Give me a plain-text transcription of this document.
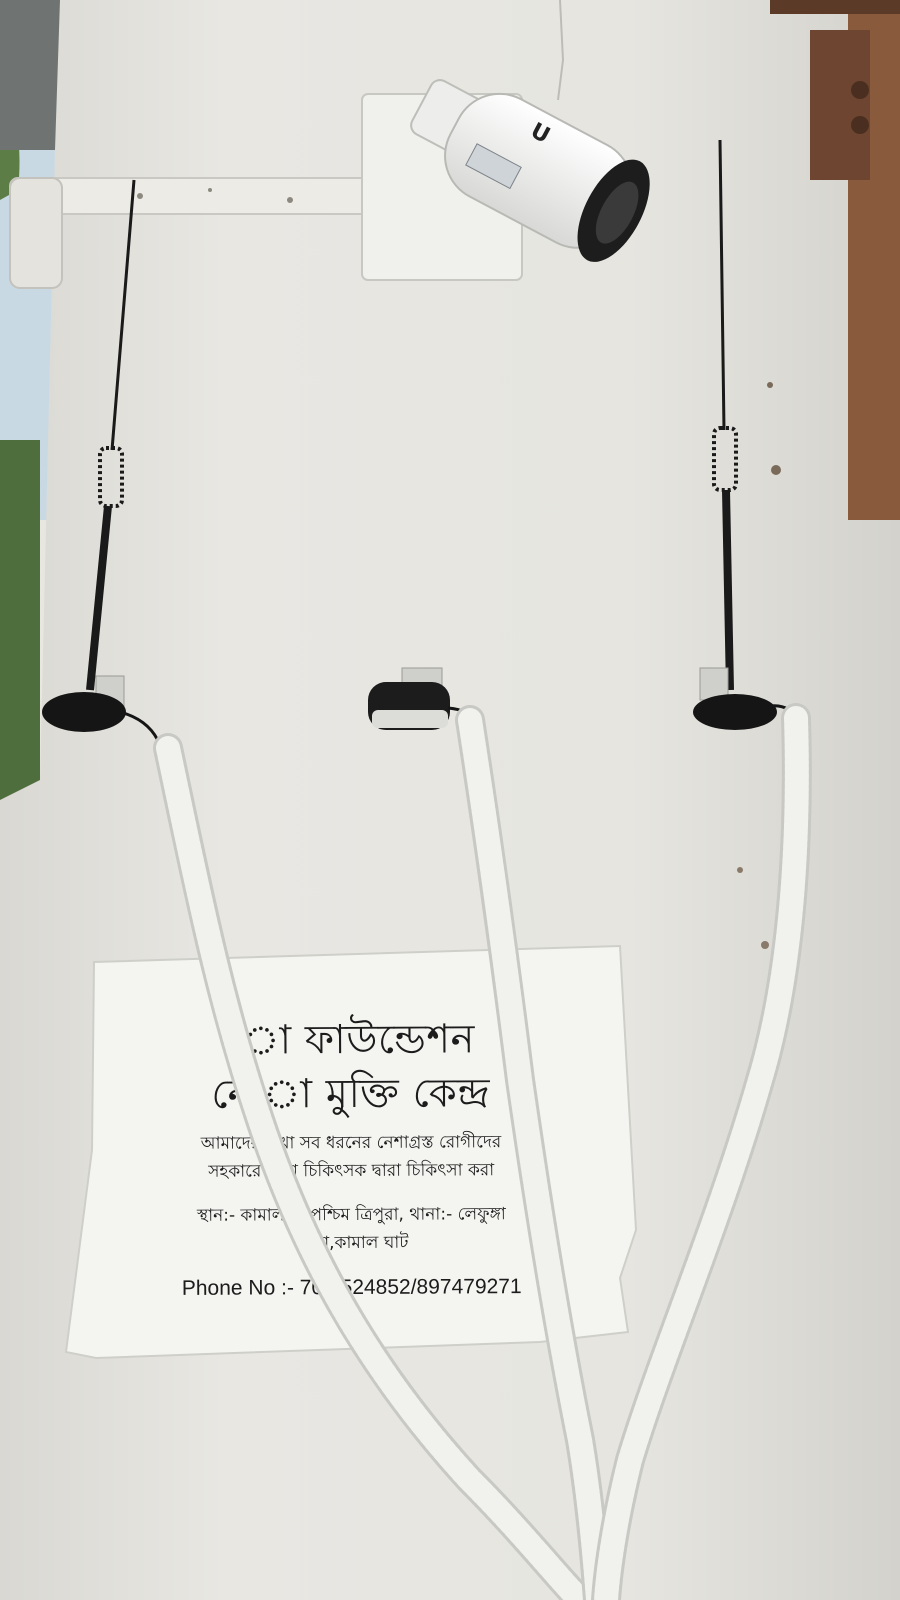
U
ো ফাউন্ডেশন
নে া মুক্তি কেন্দ্র
আমাদের এখা সব ধরনের নেশাগ্রস্ত রোগীদের
সহকারে বিশে চিকিৎসক দ্বারা চিকিৎসা করা
স্থান:- কামাল ঘা পশ্চিম ত্রিপুরা, থানা:- লেফুঙ্গা
শা রা,কামাল ঘাট
Phone No :- 708 524852/897479271
